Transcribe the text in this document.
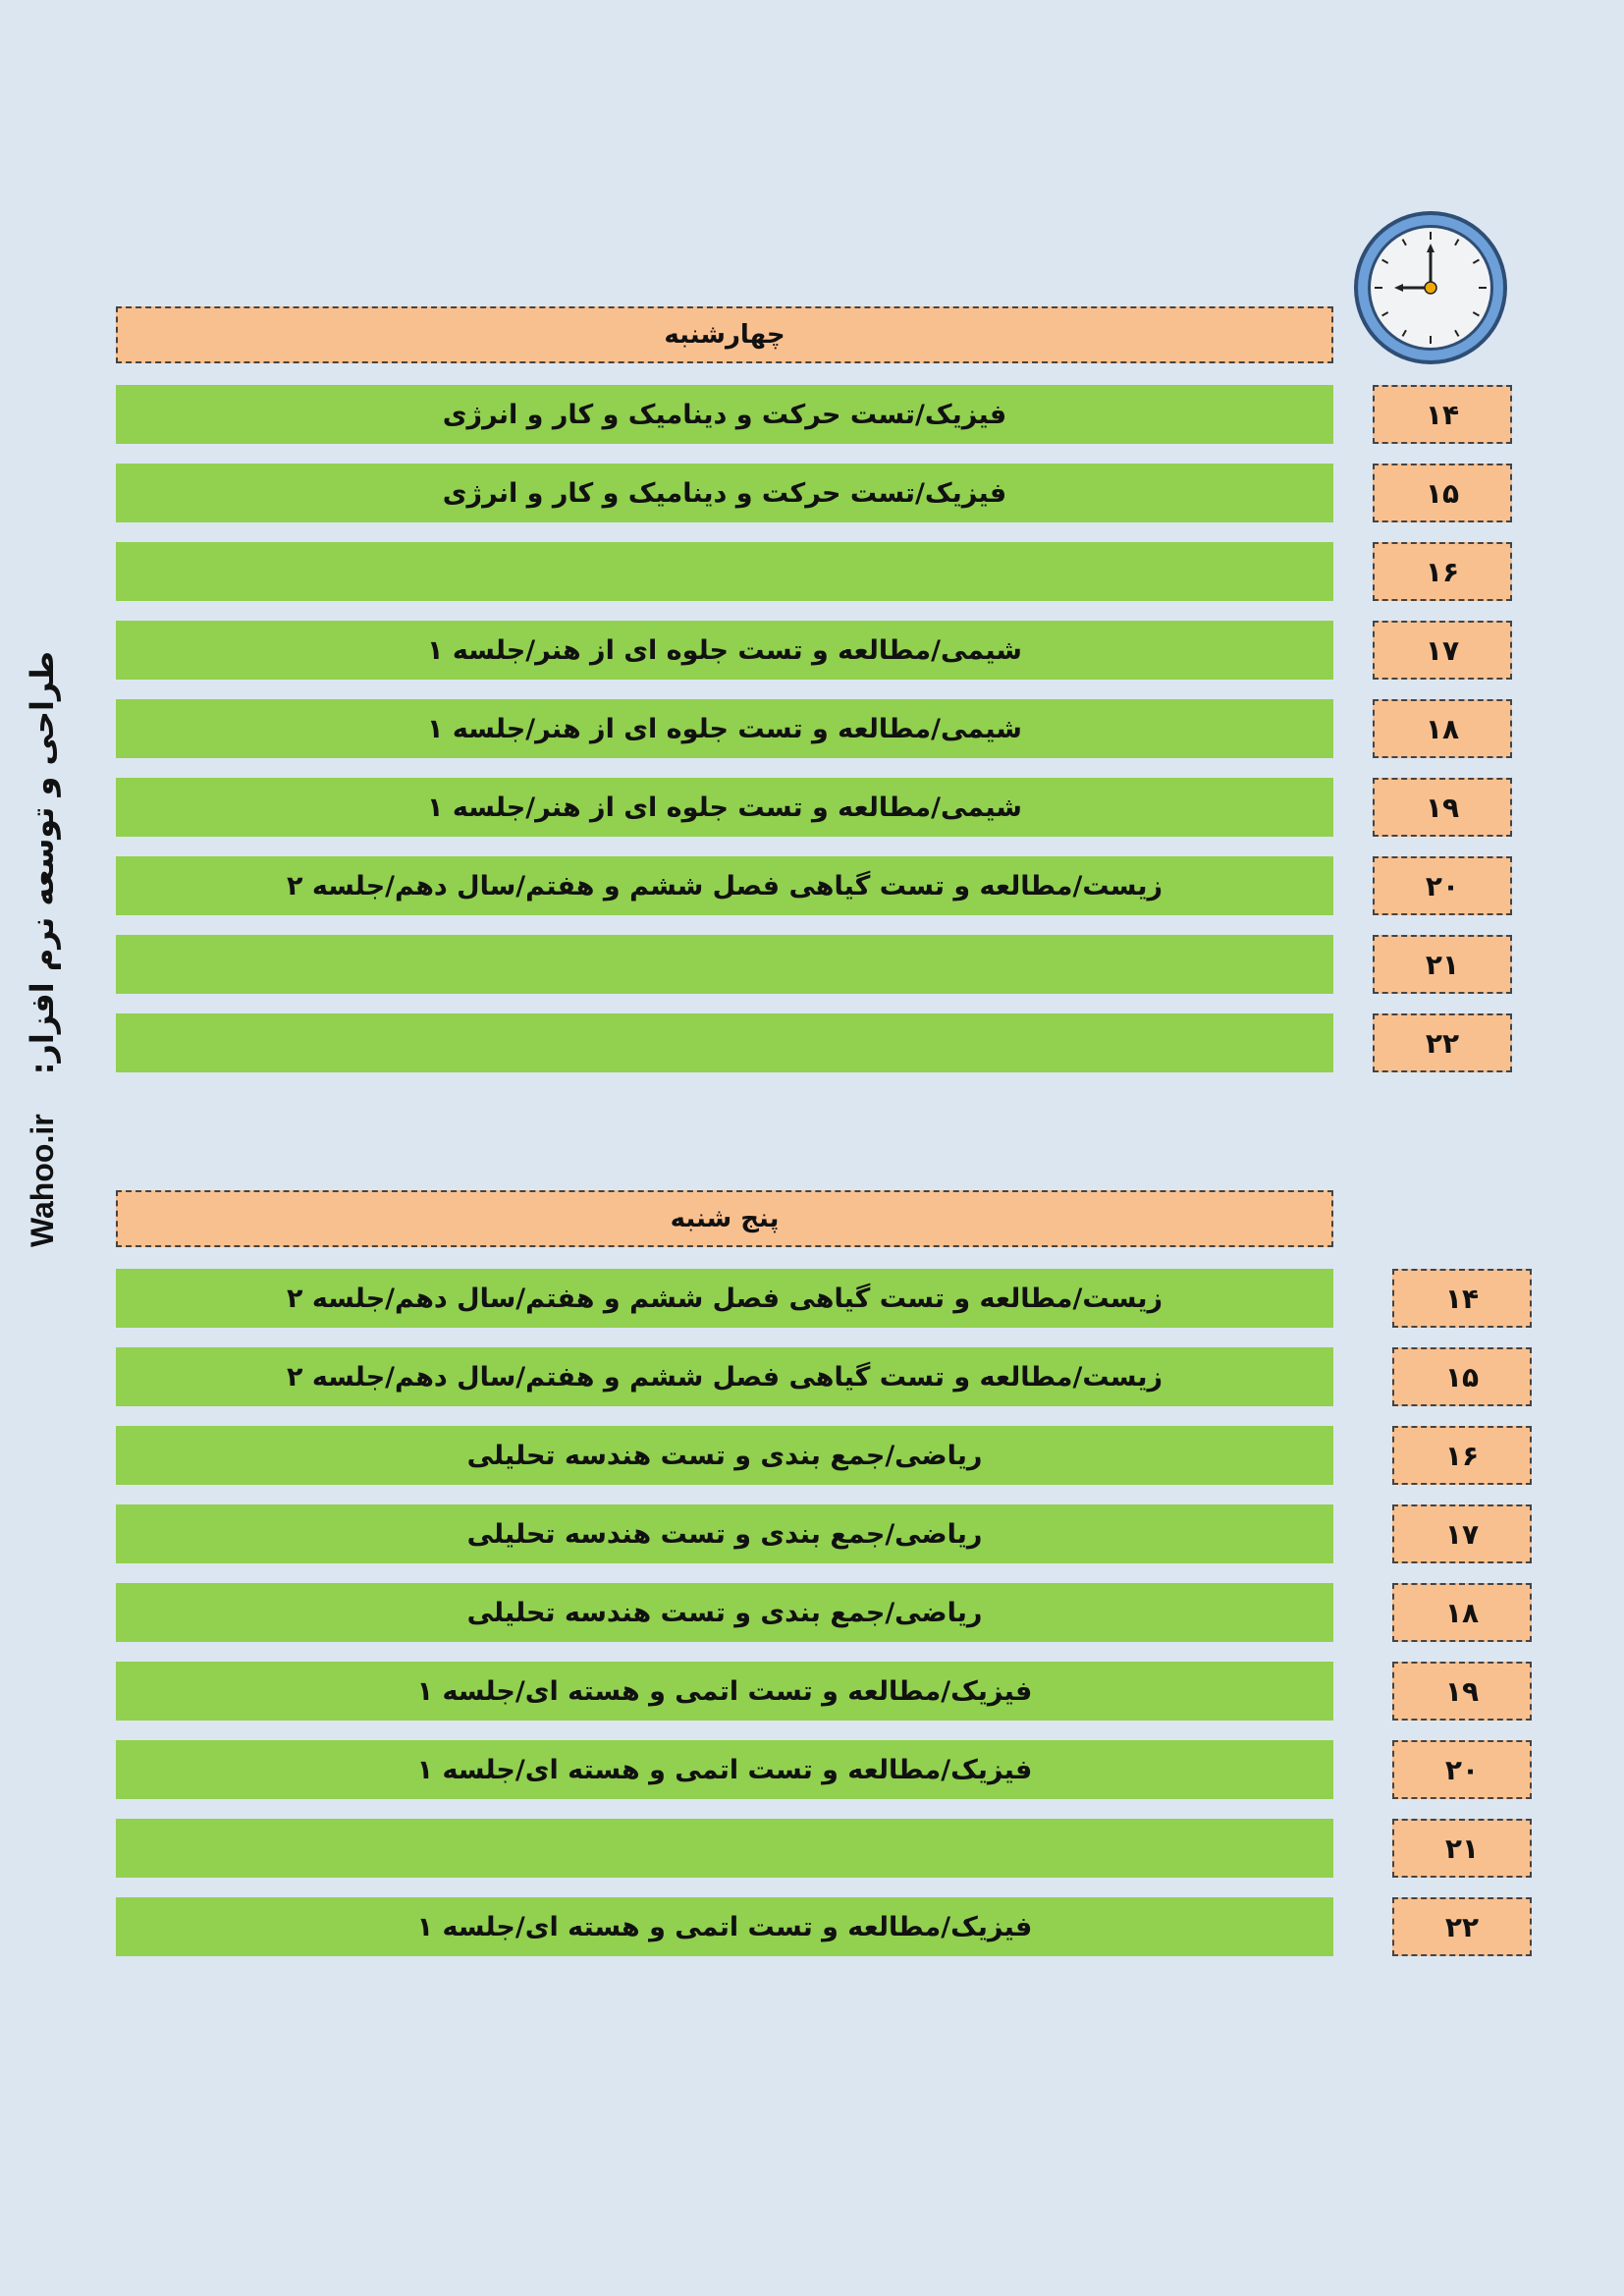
چهارشنبه
فیزیک/تست حرکت و دینامیک و کار و انرژی	۱۴
فیزیک/تست حرکت و دینامیک و کار و انرژی	۱۵
۱۶
شیمی/مطالعه و تست جلوه ای از هنر/جلسه ۱	۱۷
شیمی/مطالعه و تست جلوه ای از هنر/جلسه ۱	۱۸
شیمی/مطالعه و تست جلوه ای از هنر/جلسه ۱	۱۹
زیست/مطالعه و تست گیاهی فصل ششم و هفتم/سال دهم/جلسه ۲	۲۰
۲۱
۲۲
پنج شنبه
زیست/مطالعه و تست گیاهی فصل ششم و هفتم/سال دهم/جلسه ۲	۱۴
زیست/مطالعه و تست گیاهی فصل ششم و هفتم/سال دهم/جلسه ۲	۱۵
ریاضی/جمع بندی و تست هندسه تحلیلی	۱۶
ریاضی/جمع بندی و تست هندسه تحلیلی	۱۷
ریاضی/جمع بندی و تست هندسه تحلیلی	۱۸
فیزیک/مطالعه و تست اتمی و هسته ای/جلسه ۱	۱۹
فیزیک/مطالعه و تست اتمی و هسته ای/جلسه ۱	۲۰
۲۱
فیزیک/مطالعه و تست اتمی و هسته ای/جلسه ۱	۲۲
Wahoo.ir
طراحی و توسعه نرم افزار:
